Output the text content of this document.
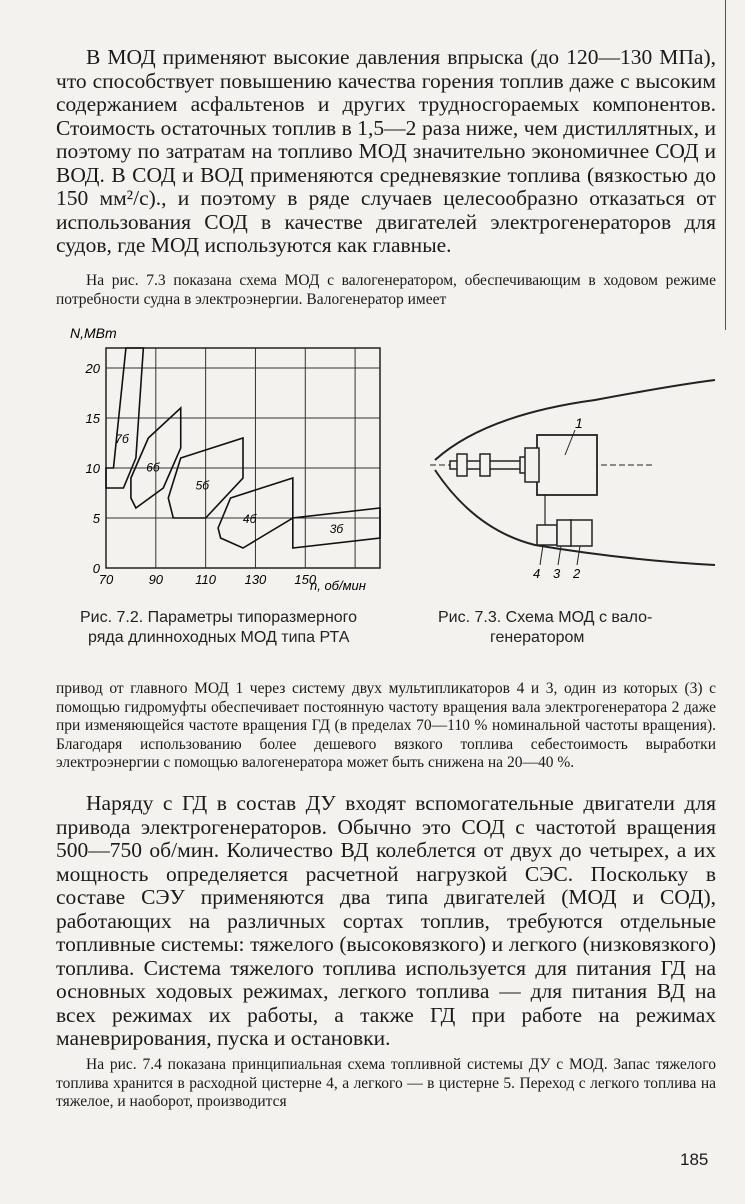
В МОД применяют высокие давления впрыска (до 120—130 МПа), что способствует повышению качества горения топлив даже с высоким содержанием асфальтенов и других трудносгораемых компонентов. Стоимость остаточных топлив в 1,5—2 раза ниже, чем дистиллятных, и поэтому по затратам на топливо МОД значительно экономичнее СОД и ВОД. В СОД и ВОД применяются средневязкие топлива (вязкостью до 150 мм²/с)., и поэтому в ряде случаев целесообразно отказаться от использования СОД в качестве двигателей электрогенераторов для судов, где МОД используются как главные.

На рис. 7.3 показана схема МОД с валогенератором, обеспечивающим в ходовом режиме потребности судна в электроэнергии. Валогенератор имеет

N,МВт
7б
6б
5б
4б
3б
0
5
10
15
20
70	90 110 130 150
n, об/мин
Рис. 7.2. Параметры типоразмерного
ряда длинноходных МОД типа РТА
1
4 3 2
Рис. 7.3. Схема МОД с вало-
генератором

привод от главного МОД 1 через систему двух мультипликаторов 4 и 3, один из которых (3) с помощью гидромуфты обеспечивает постоянную частоту вращения вала электрогенератора 2 даже при изменяющейся частоте вращения ГД (в пределах 70—110 % номинальной частоты вращения). Благодаря использованию более дешевого вязкого топлива себестоимость выработки электроэнергии с помощью валогенератора может быть снижена на 20—40 %.

Наряду с ГД в состав ДУ входят вспомогательные двигатели для привода электрогенераторов. Обычно это СОД с частотой вращения 500—750 об/мин. Количество ВД колеблется от двух до четырех, а их мощность определяется расчетной нагрузкой СЭС. Поскольку в составе СЭУ применяются два типа двигателей (МОД и СОД), работающих на различных сортах топлив, требуются отдельные топливные системы: тяжелого (высоковязкого) и легкого (низковязкого) топлива. Система тяжелого топлива используется для питания ГД на основных ходовых режимах, легкого топлива — для питания ВД на всех режимах их работы, а также ГД при работе на режимах маневрирования, пуска и остановки.

На рис. 7.4 показана принципиальная схема топливной системы ДУ с МОД. Запас тяжелого топлива хранится в расходной цистерне 4, а легкого — в цистерне 5. Переход с легкого топлива на тяжелое, и наоборот, производится

185
